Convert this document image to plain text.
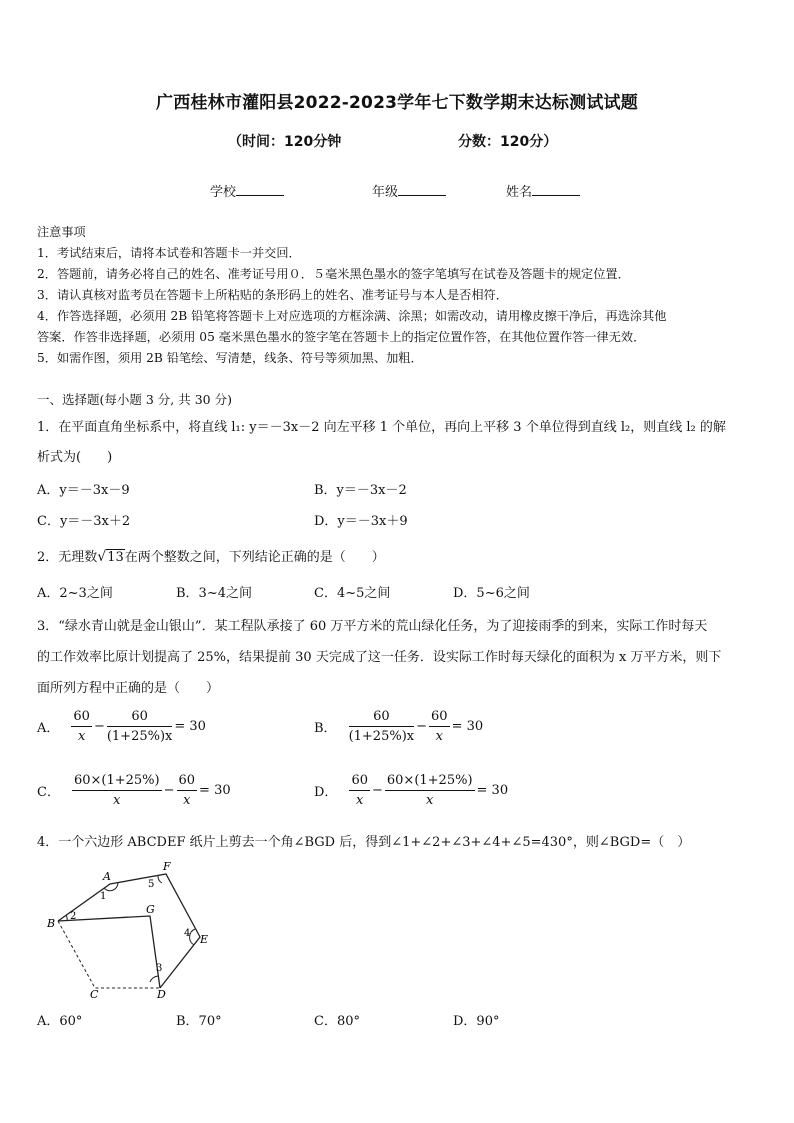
广西桂林市灌阳县2022-2023学年七下数学期末达标测试试题
（时间：120分钟	分数：120分）
学校	年级	姓名
注意事项
1．考试结束后，请将本试卷和答题卡一并交回．
2．答题前，请务必将自己的姓名、准考证号用０．５毫米黑色墨水的签字笔填写在试卷及答题卡的规定位置．
3．请认真核对监考员在答题卡上所粘贴的条形码上的姓名、准考证号与本人是否相符．
4．作答选择题，必须用 2B 铅笔将答题卡上对应选项的方框涂满、涂黑；如需改动，请用橡皮擦干净后，再选涂其他
答案．作答非选择题，必须用 05 毫米黑色墨水的签字笔在答题卡上的指定位置作答，在其他位置作答一律无效．
5．如需作图，须用 2B 铅笔绘、写清楚，线条、符号等须加黑、加粗．
一、选择题(每小题 3 分, 共 30 分)
1．在平面直角坐标系中，将直线 l₁: y＝－3x－2 向左平移 1 个单位，再向上平移 3 个单位得到直线 l₂，则直线 l₂ 的解
析式为(　　)
A．y＝－3x－9	B．y＝－3x－2
C．y＝－3x＋2	D．y＝－3x＋9
2．无理数√13在两个整数之间，下列结论正确的是（　　）
A．2~3之间	B．3~4之间	C．4~5之间	D．5~6之间
3．“绿水青山就是金山银山”．某工程队承接了 60 万平方米的荒山绿化任务，为了迎接雨季的到来，实际工作时每天
的工作效率比原计划提高了 25%，结果提前 30 天完成了这一任务．设实际工作时每天绿化的面积为 x 万平方米，则下
面所列方程中正确的是（　　）
A． $\frac{60}{x} - \frac{60}{(1+25\%)x} = 30$	B． $\frac{60}{(1+25\%)x} - \frac{60}{x} = 30$
C． $\frac{60\times(1+25\%)}{x} - \frac{60}{x} = 30$	D． $\frac{60}{x} - \frac{60\times(1+25\%)}{x} = 30$
4．一个六边形 ABCDEF 纸片上剪去一个角∠BGD 后，得到∠1+∠2+∠3+∠4+∠5=430°，则∠BGD=（　）
A
B
C	D
E
F
G
1
2
3
4
5
A．60°	B．70°	C．80°	D．90°
